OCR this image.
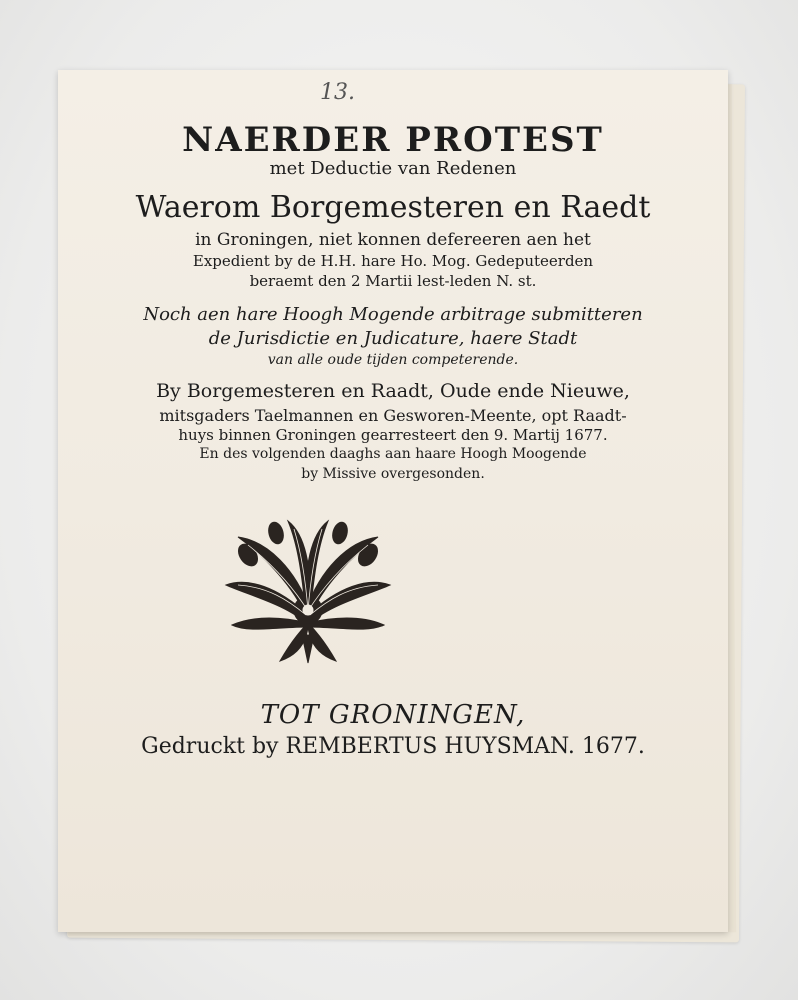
13.
NAERDER PROTEST
met Deductie van Redenen
Waerom Borgemesteren en Raedt
in Groningen, niet konnen defereeren aen het
Expedient by de H.H. hare Ho. Mog. Gedeputeerden
beraemt den 2 Martii lest-leden N. st.
Noch aen hare Hoogh Mogende arbitrage submitteren
de Jurisdictie en Judicature, haere Stadt
van alle oude tijden competerende.
By Borgemesteren en Raadt, Oude ende Nieuwe,
mitsgaders Taelmannen en Gesworen-Meente, opt Raadt-
huys binnen Groningen gearresteert den 9. Martij 1677.
En des volgenden daaghs aan haare Hoogh Moogende
by Missive overgesonden.
TOT GRONINGEN,
Gedruckt by REMBERTUS HUYSMAN. 1677.
